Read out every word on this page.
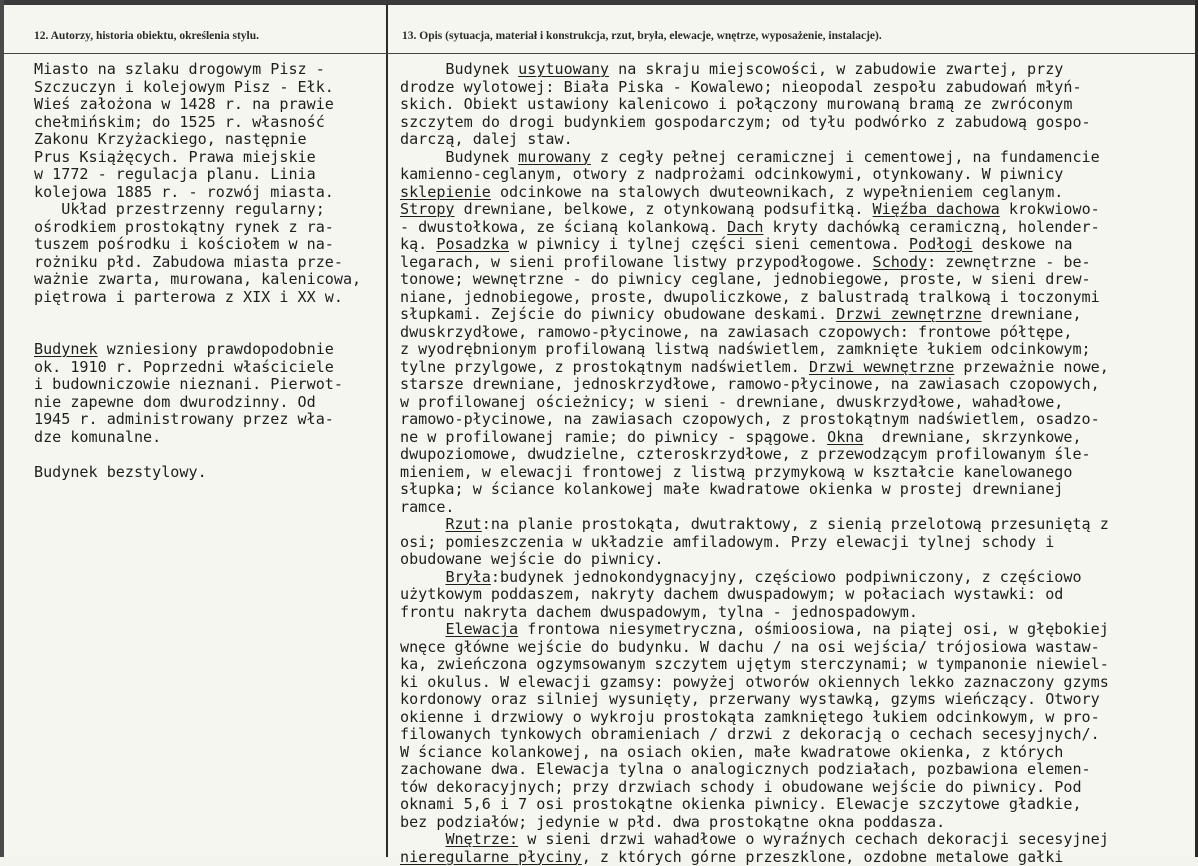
12. Autorzy, historia obiektu, określenia stylu.	13. Opis (sytuacja, materiał i konstrukcja, rzut, bryła, elewacje, wnętrze, wyposażenie, instalacje).
Miasto na szlaku drogowym Pisz -
Szczuczyn i kolejowym Pisz - Ełk.
Wieś założona w 1428 r. na prawie
chełmińskim; do 1525 r. własność
Zakonu Krzyżackiego, następnie
Prus Książęcych. Prawa miejskie
w 1772 - regulacja planu. Linia
kolejowa 1885 r. - rozwój miasta.
Układ przestrzenny regularny;
ośrodkiem prostokątny rynek z ra-
tuszem pośrodku i kościołem w na-
rożniku płd. Zabudowa miasta prze-
ważnie zwarta, murowana, kalenicowa,
piętrowa i parterowa z XIX i XX w.
Budynek wzniesiony prawdopodobnie
ok. 1910 r. Poprzedni właściciele
i budowniczowie nieznani. Pierwot-
nie zapewne dom dwurodzinny. Od
1945 r. administrowany przez wła-
dze komunalne.
Budynek bezstylowy.
Budynek usytuowany na skraju miejscowości, w zabudowie zwartej, przy
drodze wylotowej: Biała Piska - Kowalewo; nieopodal zespołu zabudowań młyń-
skich. Obiekt ustawiony kalenicowo i połączony murowaną bramą ze zwróconym
szczytem do drogi budynkiem gospodarczym; od tyłu podwórko z zabudową gospo-
darczą, dalej staw.
Budynek murowany z cegły pełnej ceramicznej i cementowej, na fundamencie
kamienno-ceglanym, otwory z nadprożami odcinkowymi, otynkowany. W piwnicy
sklepienie odcinkowe na stalowych dwuteownikach, z wypełnieniem ceglanym.
Stropy drewniane, belkowe, z otynkowaną podsufitką. Więźba dachowa krokwiowo-
- dwustołkowa, ze ścianą kolankową. Dach kryty dachówką ceramiczną, holender-
ką. Posadzka w piwnicy i tylnej części sieni cementowa. Podłogi deskowe na
legarach, w sieni profilowane listwy przypodłogowe. Schody: zewnętrzne - be-
tonowe; wewnętrzne - do piwnicy ceglane, jednobiegowe, proste, w sieni drew-
niane, jednobiegowe, proste, dwupoliczkowe, z balustradą tralkową i toczonymi
słupkami. Zejście do piwnicy obudowane deskami. Drzwi zewnętrzne drewniane,
dwuskrzydłowe, ramowo-płycinowe, na zawiasach czopowych: frontowe półtępe,
z wyodrębnionym profilowaną listwą nadświetlem, zamknięte łukiem odcinkowym;
tylne przylgowe, z prostokątnym nadświetlem. Drzwi wewnętrzne przeważnie nowe,
starsze drewniane, jednoskrzydłowe, ramowo-płycinowe, na zawiasach czopowych,
w profilowanej ościeżnicy; w sieni - drewniane, dwuskrzydłowe, wahadłowe,
ramowo-płycinowe, na zawiasach czopowych, z prostokątnym nadświetlem, osadzo-
ne w profilowanej ramie; do piwnicy - spągowe. Okna  drewniane, skrzynkowe,
dwupoziomowe, dwudzielne, czteroskrzydłowe, z przewodzącym profilowanym śle-
mieniem, w elewacji frontowej z listwą przymykową w kształcie kanelowanego
słupka; w ściance kolankowej małe kwadratowe okienka w prostej drewnianej
ramce.
Rzut:na planie prostokąta, dwutraktowy, z sienią przelotową przesuniętą z
osi; pomieszczenia w układzie amfiladowym. Przy elewacji tylnej schody i
obudowane wejście do piwnicy.
Bryła:budynek jednokondygnacyjny, częściowo podpiwniczony, z częściowo
użytkowym poddaszem, nakryty dachem dwuspadowym; w połaciach wystawki: od
frontu nakryta dachem dwuspadowym, tylna - jednospadowym.
Elewacja frontowa niesymetryczna, ośmioosiowa, na piątej osi, w głębokiej
wnęce główne wejście do budynku. W dachu / na osi wejścia/ trójosiowa wastaw-
ka, zwieńczona ogzymsowanym szczytem ujętym sterczynami; w tympanonie niewiel-
ki okulus. W elewacji gzamsy: powyżej otworów okiennych lekko zaznaczony gzyms
kordonowy oraz silniej wysunięty, przerwany wystawką, gzyms wieńczący. Otwory
okienne i drzwiowy o wykroju prostokąta zamkniętego łukiem odcinkowym, w pro-
filowanych tynkowych obramieniach / drzwi z dekoracją o cechach secesyjnych/.
W ściance kolankowej, na osiach okien, małe kwadratowe okienka, z których
zachowane dwa. Elewacja tylna o analogicznych podziałach, pozbawiona elemen-
tów dekoracyjnych; przy drzwiach schody i obudowane wejście do piwnicy. Pod
oknami 5,6 i 7 osi prostokątne okienka piwnicy. Elewacje szczytowe gładkie,
bez podziałów; jedynie w płd. dwa prostokątne okna poddasza.
Wnętrze: w sieni drzwi wahadłowe o wyraźnych cechach dekoracji secesyjnej
nieregularne płyciny, z których górne przeszklone, ozdobne metalowe gałki
